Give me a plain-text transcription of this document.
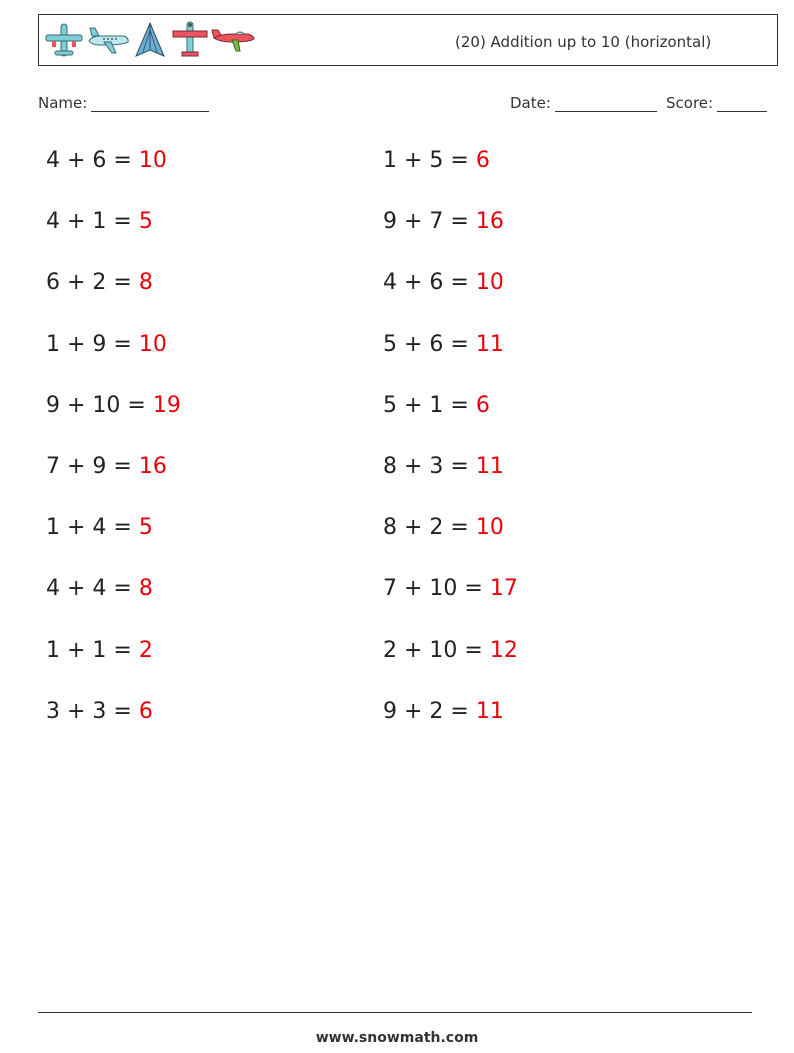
(20) Addition up to 10 (horizontal)
Name:	Date:	Score:
4 + 6 = 10	1 + 5 = 6
4 + 1 = 5	9 + 7 = 16
6 + 2 = 8	4 + 6 = 10
1 + 9 = 10	5 + 6 = 11
9 + 10 = 19	5 + 1 = 6
7 + 9 = 16	8 + 3 = 11
1 + 4 = 5	8 + 2 = 10
4 + 4 = 8	7 + 10 = 17
1 + 1 = 2	2 + 10 = 12
3 + 3 = 6	9 + 2 = 11
www.snowmath.com
